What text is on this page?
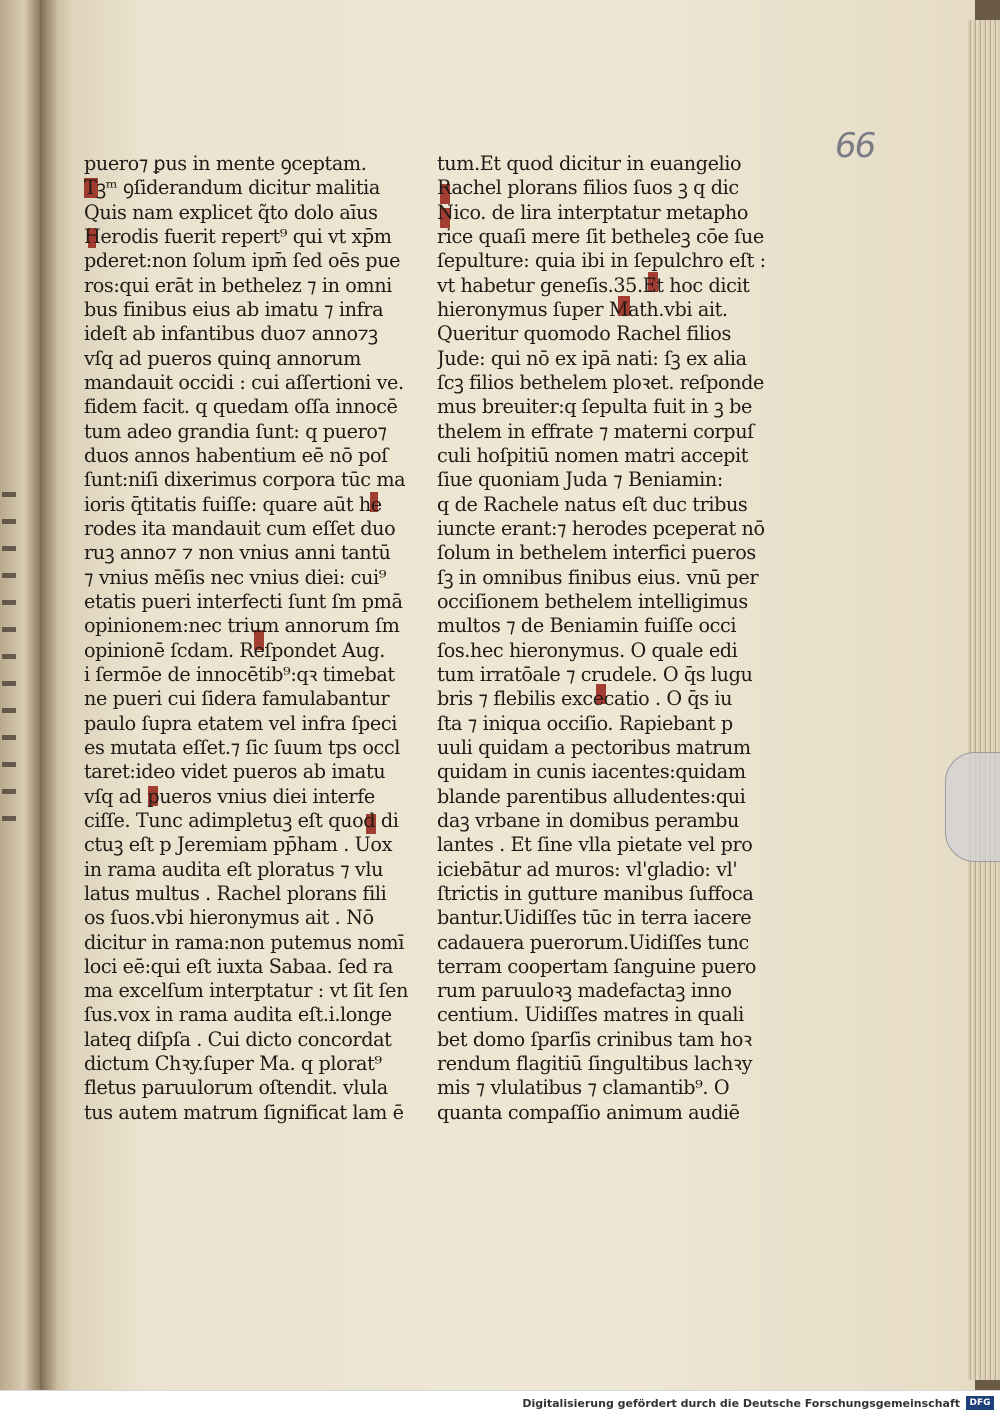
66
puero⁊ ꝑus in mente ꝯceptam.
Tꝫᵐ ꝯſiderandum dicitur malitia
Quis nam explicet q̃to dolo aīus
Herodis fuerit repert⁹ qui vt xp̄m
pderet:non ſolum ipm̄ ſed oēs pue
ros:qui erāt in bethelez ⁊ in omni
bus finibus eius ab imatu ⁊ infra
ideſt ab infantibus duo⁊ anno⁊ꝫ
vſq ad pueros quinq annorum
mandauit occidi : cui aſſertioni ve.
fidem facit. q quedam oſſa innocē
tum adeo grandia ſunt: q puero⁊
duos annos habentium eē nō poſ
ſunt:niſi dixerimus corpora tūc ma
ioris q̄titatis fuiſſe: quare aūt he
rodes ita mandauit cum eſſet duo
ruꝫ anno⁊ ⁊ non vnius anni tantū
⁊ vnius mēſis nec vnius diei: cui⁹
etatis pueri interfecti ſunt ſm pmā
opinionem:nec trium annorum ſm
opinionē ſcdam. Reſpondet Aug.
i ſermōe de innocētib⁹:qꝛ timebat
ne pueri cui ſidera famulabantur
paulo ſupra etatem vel infra ſpeci
es mutata eſſet.⁊ ſic ſuum tps occl
taret:ideo videt pueros ab imatu
vſq ad pueros vnius diei interfe
ciſſe. Tunc adimpletuꝫ eſt quod di
ctuꝫ eſt p Jeremiam pp̄ham . Uox
in rama audita eſt ploratus ⁊ vlu
latus multus . Rachel plorans fili
os ſuos.vbi hieronymus ait . Nō
dicitur in rama:non putemus nomī
loci eē:qui eſt iuxta Sabaa. ſed ra
ma excelſum interptatur : vt ſit ſen
ſus.vox in rama audita eſt.i.longe
lateq diſpſa . Cui dicto concordat
dictum Chꝛy.ſuper Ma. q plorat⁹
fletus paruulorum oſtendit. vlula
tus autem matrum ſignificat lam ē
tum.Et quod dicitur in euangelio
Rachel plorans filios ſuos ꝫ q dic
Nico. de lira interptatur metapho
rice quaſi mere ſit betheleꝫ cōe ſue
ſepulture: quia ibi in ſepulchro eſt :
vt habetur geneſis.35.Et hoc dicit
hieronymus ſuper Math.vbi ait.
Queritur quomodo Rachel filios
Jude: qui nō ex ipā nati: ſꝫ ex alia
ſcꝫ filios bethelem ploꝛet. reſponde
mus breuiter:q ſepulta fuit in ꝫ be
thelem in effrate ⁊ materni corpuſ
culi hoſpitiū nomen matri accepit
ſiue quoniam Juda ⁊ Beniamin:
q de Rachele natus eſt duc tribus
iuncte erant:⁊ herodes pceperat nō
ſolum in bethelem interfici pueros
ſꝫ in omnibus finibus eius. vnū per
occiſionem bethelem intelligimus
multos ⁊ de Beniamin fuiſſe occi
ſos.hec hieronymus. O quale edi
tum irratōale ⁊ crudele. O q̄s lugu
bris ⁊ flebilis excecatio . O q̄s iu
ſta ⁊ iniqua occiſio. Rapiebant p
uuli quidam a pectoribus matrum
quidam in cunis iacentes:quidam
blande parentibus alludentes:qui
daꝫ vrbane in domibus perambu
lantes . Et ſine vlla pietate vel pro
iciebātur ad muros: vl'gladio: vl'
ſtrictis in gutture manibus ſuffoca
bantur.Uidiſſes tūc in terra iacere
cadauera puerorum.Uidiſſes tunc
terram coopertam ſanguine puero
rum paruuloꝛꝫ madefactaꝫ inno
centium. Uidiſſes matres in quali
bet domo ſparſis crinibus tam hoꝛ
rendum flagitiū ſingultibus lachꝛy
mis ⁊ vlulatibus ⁊ clamantib⁹. O
quanta compaſſio animum audiē
Digitalisierung gefördert durch die Deutsche Forschungsgemeinschaft	DFG
